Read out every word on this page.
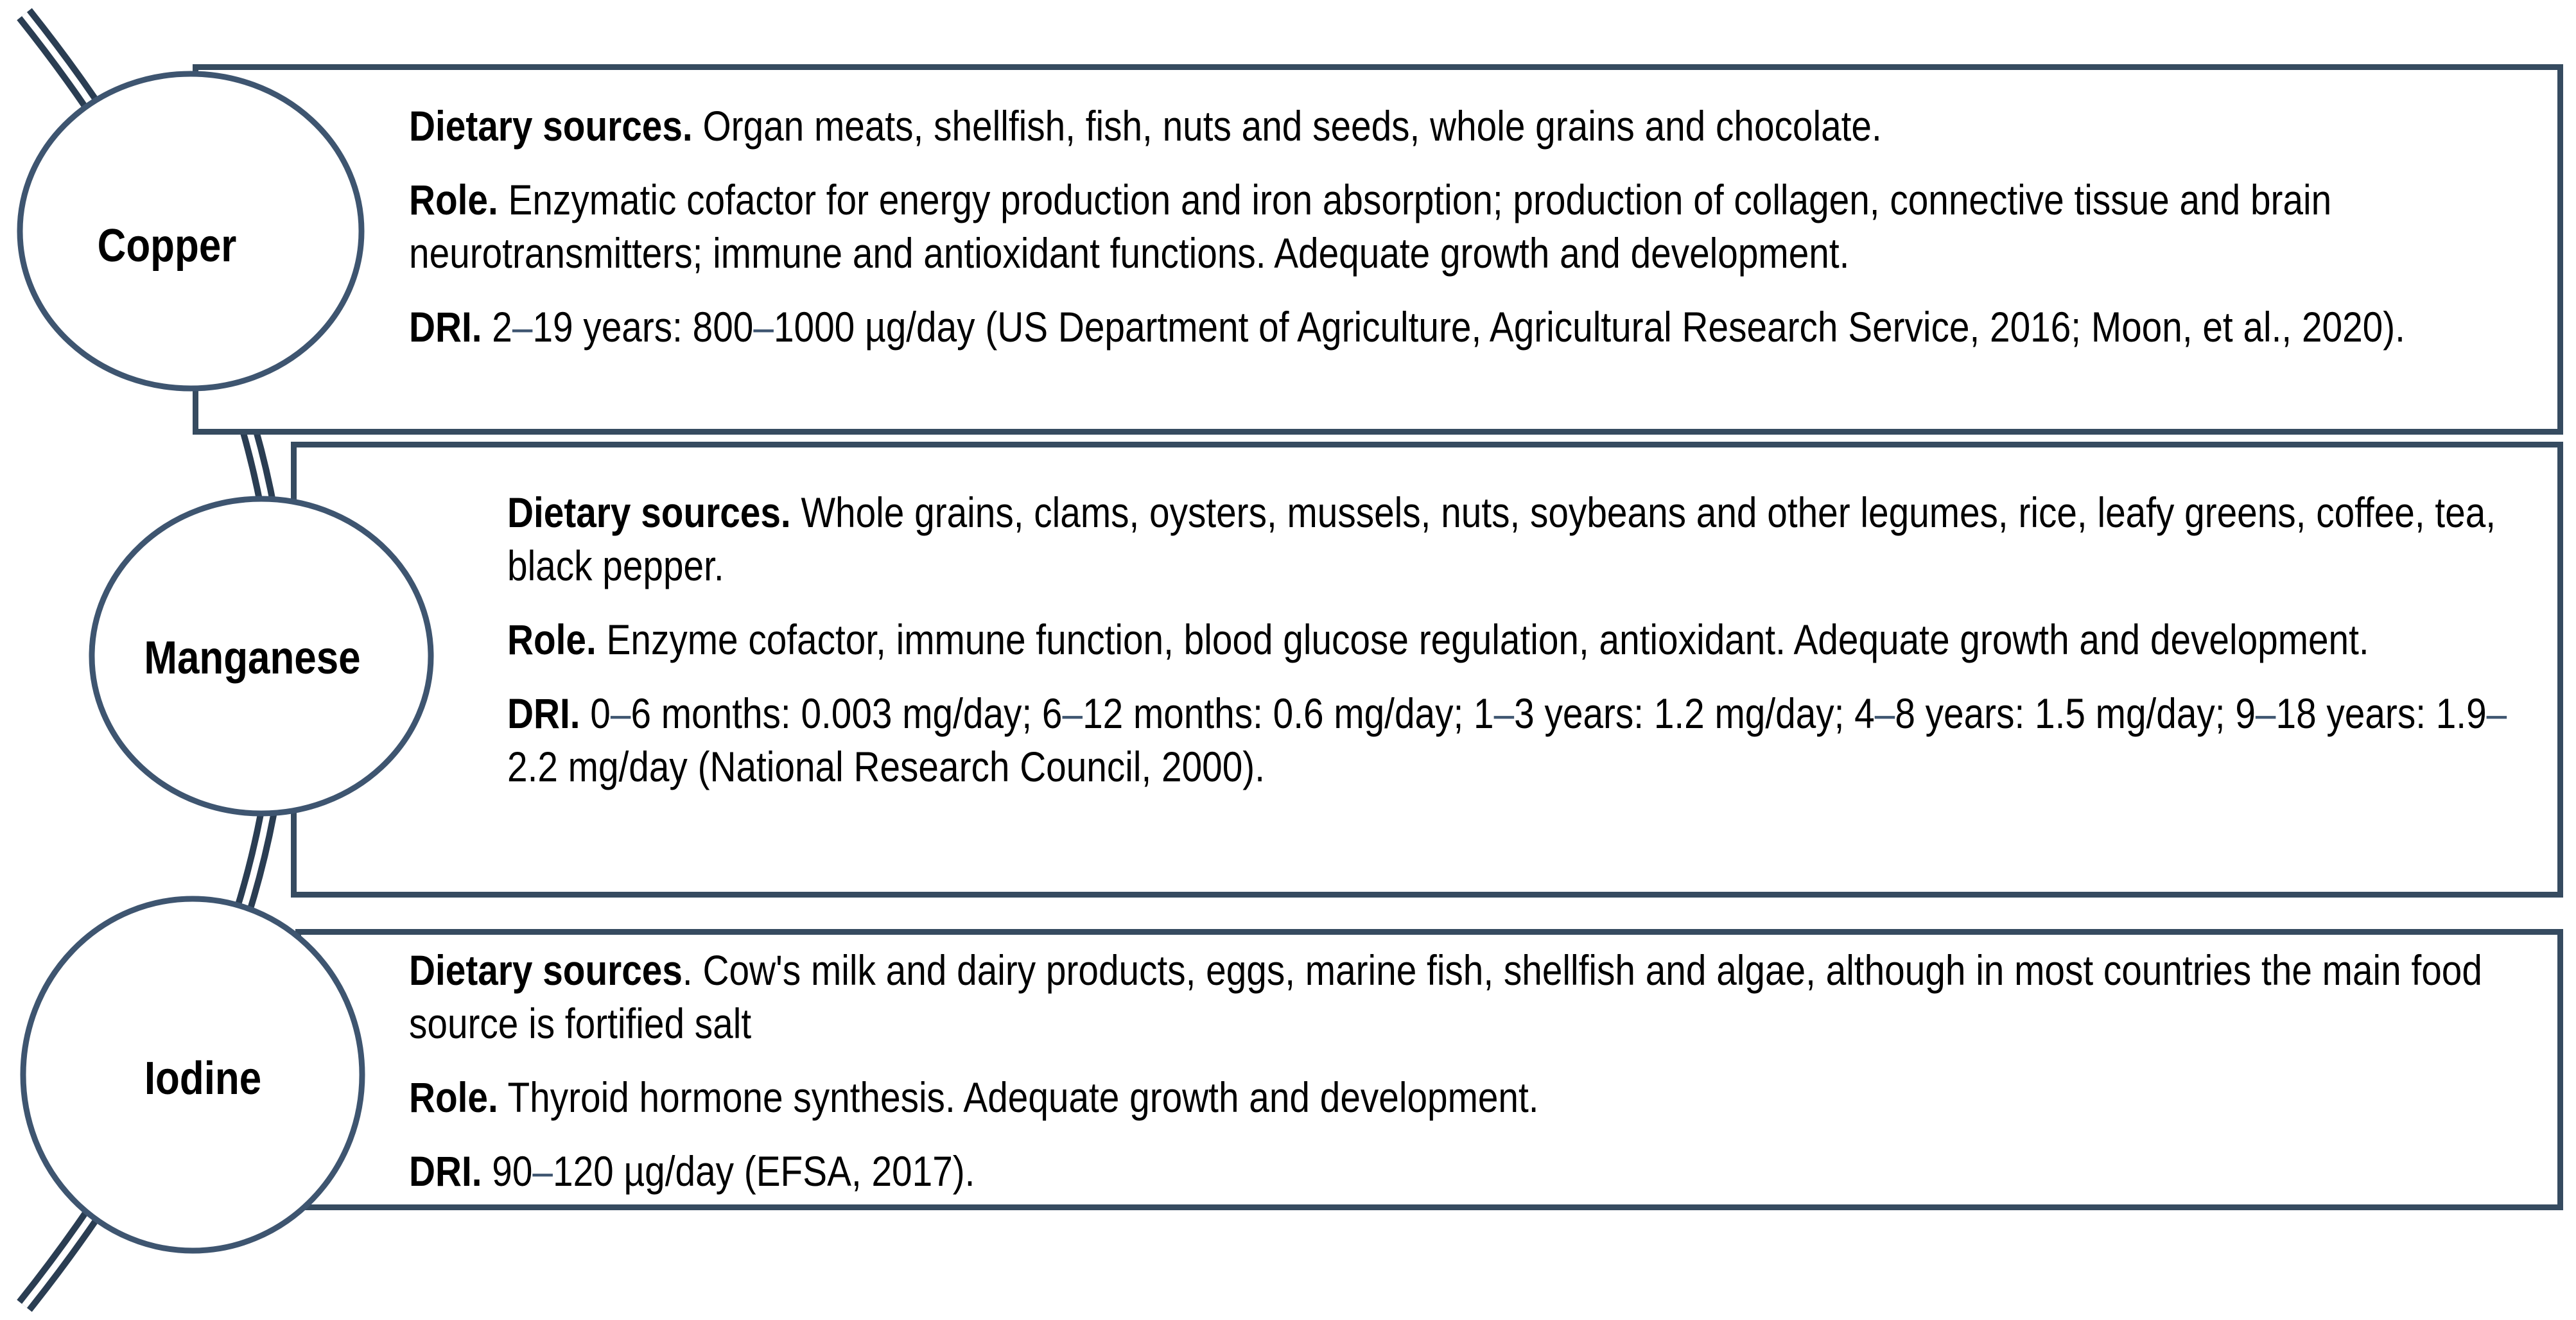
Copper
Manganese
Iodine

Dietary sources. Organ meats, shellfish, fish, nuts and seeds, whole grains and chocolate.

Role. Enzymatic cofactor for energy production and iron absorption; production of collagen, connective tissue and brain neurotransmitters; immune and antioxidant functions. Adequate growth and development.

DRI. 2–19 years: 800–1000 µg/day (US Department of Agriculture, Agricultural Research Service, 2016; Moon, et al., 2020).

Dietary sources. Whole grains, clams, oysters, mussels, nuts, soybeans and other legumes, rice, leafy greens, coffee, tea, black pepper.

Role. Enzyme cofactor, immune function, blood glucose regulation, antioxidant. Adequate growth and development.

DRI. 0–6 months: 0.003 mg/day; 6–12 months: 0.6 mg/day; 1–3 years: 1.2 mg/day; 4–8 years: 1.5 mg/day; 9–18 years: 1.9–2.2 mg/day (National Research Council, 2000).

Dietary sources. Cow's milk and dairy products, eggs, marine fish, shellfish and algae, although in most countries the main food source is fortified salt

Role. Thyroid hormone synthesis. Adequate growth and development.

DRI. 90–120 µg/day (EFSA, 2017).
